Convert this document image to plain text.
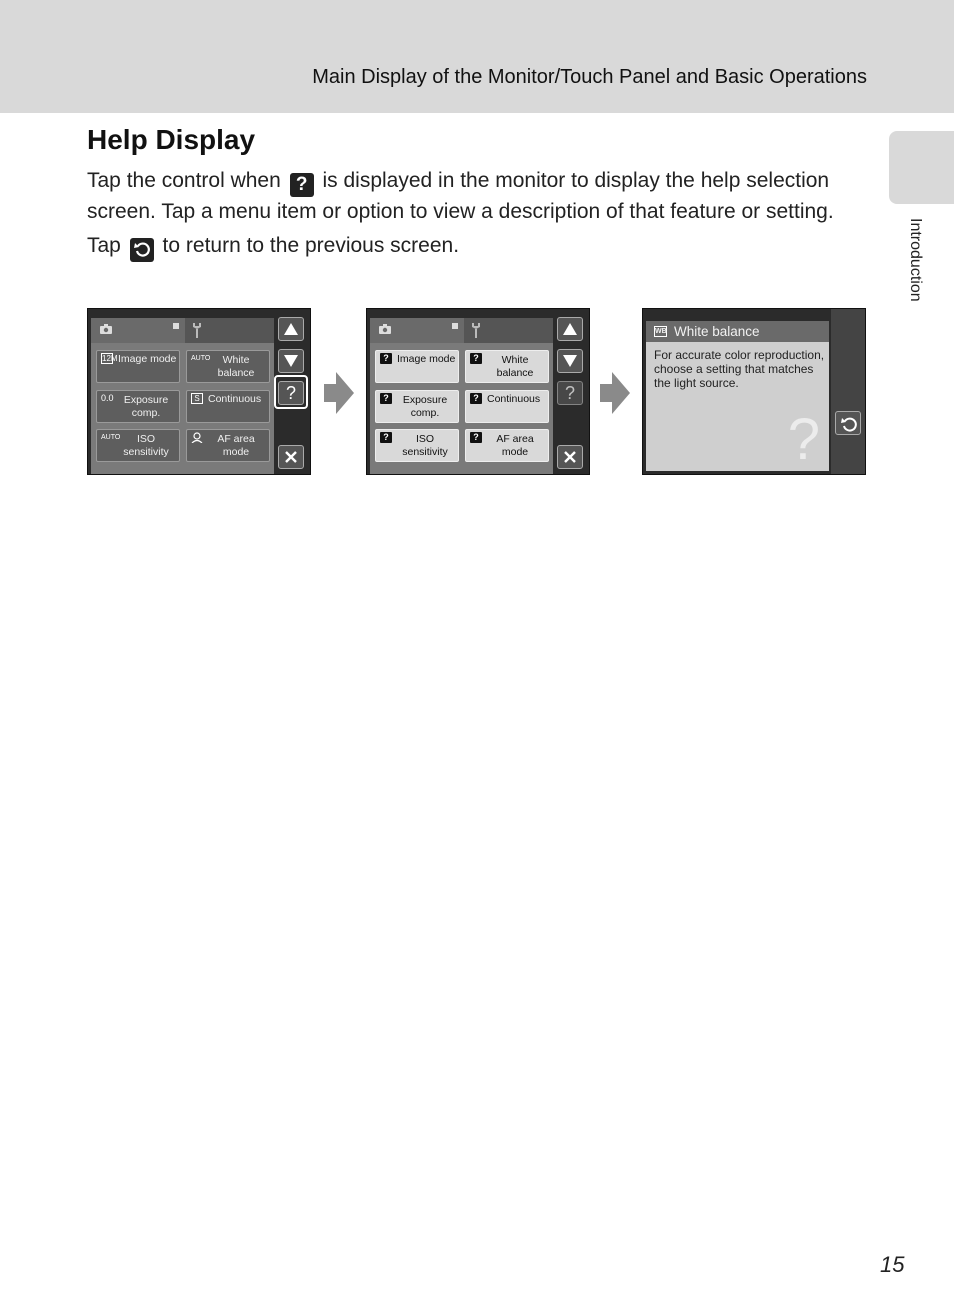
Main Display of the Monitor/Touch Panel and Basic Operations
Introduction
Help Display

Tap the control when ? is displayed in the monitor to display the help selection screen. Tap a menu item or option to view a description of that feature or setting.

Tap to return to the previous screen.

12M Image mode AUTO	White balance
0.0 Exposure comp.
S Continuous
AUTO	ISO sensitivity
AF area mode
?
? Image mode	?	White balance
?	Exposure comp.
? Continuous
?	ISO sensitivity
?	AF area mode
?
WB White balance
For accurate color reproduction, choose a setting that matches the light source.
?
15
